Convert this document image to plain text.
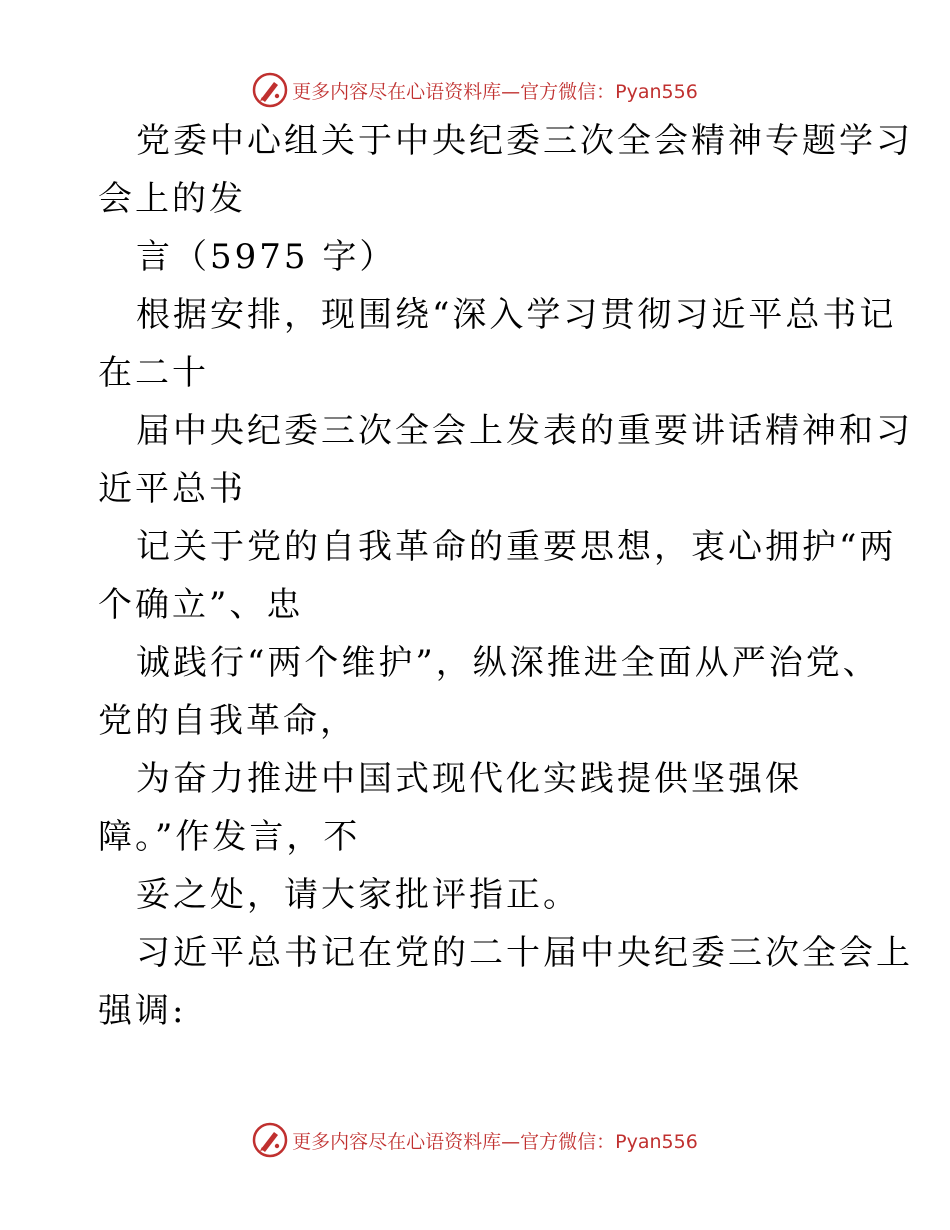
更多内容尽在心语资料库—官方微信：Pyan556
党委中心组关于中央纪委三次全会精神专题学习
会上的发
言（5975 字）
根据安排，现围绕“深入学习贯彻习近平总书记
在二十
届中央纪委三次全会上发表的重要讲话精神和习
近平总书
记关于党的自我革命的重要思想，衷心拥护“两
个确立”、忠
诚践行“两个维护”，纵深推进全面从严治党、
党的自我革命，
为奋力推进中国式现代化实践提供坚强保
障。”作发言，不
妥之处，请大家批评指正。
习近平总书记在党的二十届中央纪委三次全会上
强调:
更多内容尽在心语资料库—官方微信：Pyan556
